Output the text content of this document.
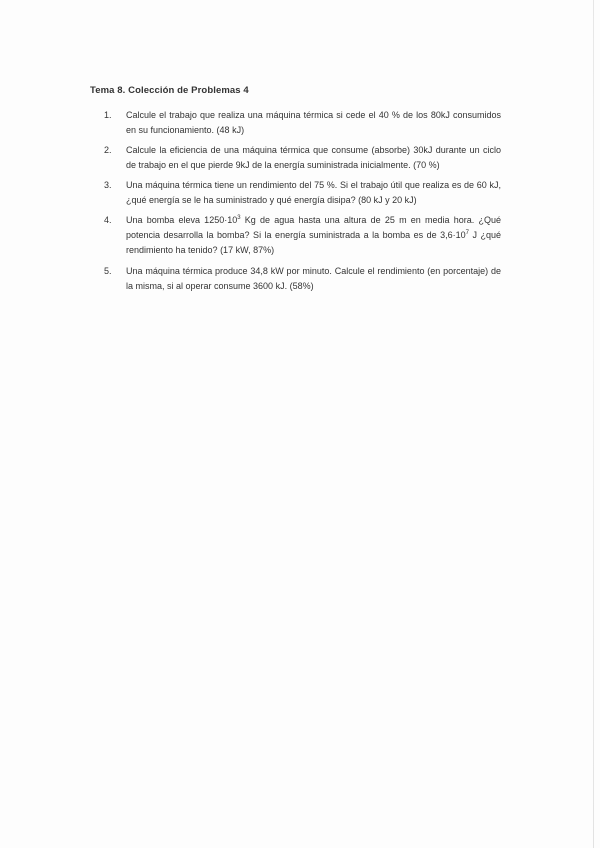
Tema 8. Colección de Problemas 4
1. Calcule el trabajo que realiza una máquina térmica si cede el 40 % de los 80kJ consumidos en su funcionamiento. (48 kJ)
2. Calcule la eficiencia de una máquina térmica que consume (absorbe) 30kJ durante un ciclo de trabajo en el que pierde 9kJ de la energía suministrada inicialmente. (70 %)
3. Una máquina térmica tiene un rendimiento del 75 %. Si el trabajo útil que realiza es de 60 kJ, ¿qué energía se le ha suministrado y qué energía disipa? (80 kJ y 20 kJ)
4. Una bomba eleva $1250\cdot 10^3$ Kg de agua hasta una altura de 25 m en media hora. ¿Qué potencia desarrolla la bomba? Si la energía suministrada a la bomba es de $3,6\cdot 10^7$ J ¿qué rendimiento ha tenido? (17 kW, 87%)
5. Una máquina térmica produce 34,8 kW por minuto. Calcule el rendimiento (en porcentaje) de la misma, si al operar consume 3600 kJ. (58%)
